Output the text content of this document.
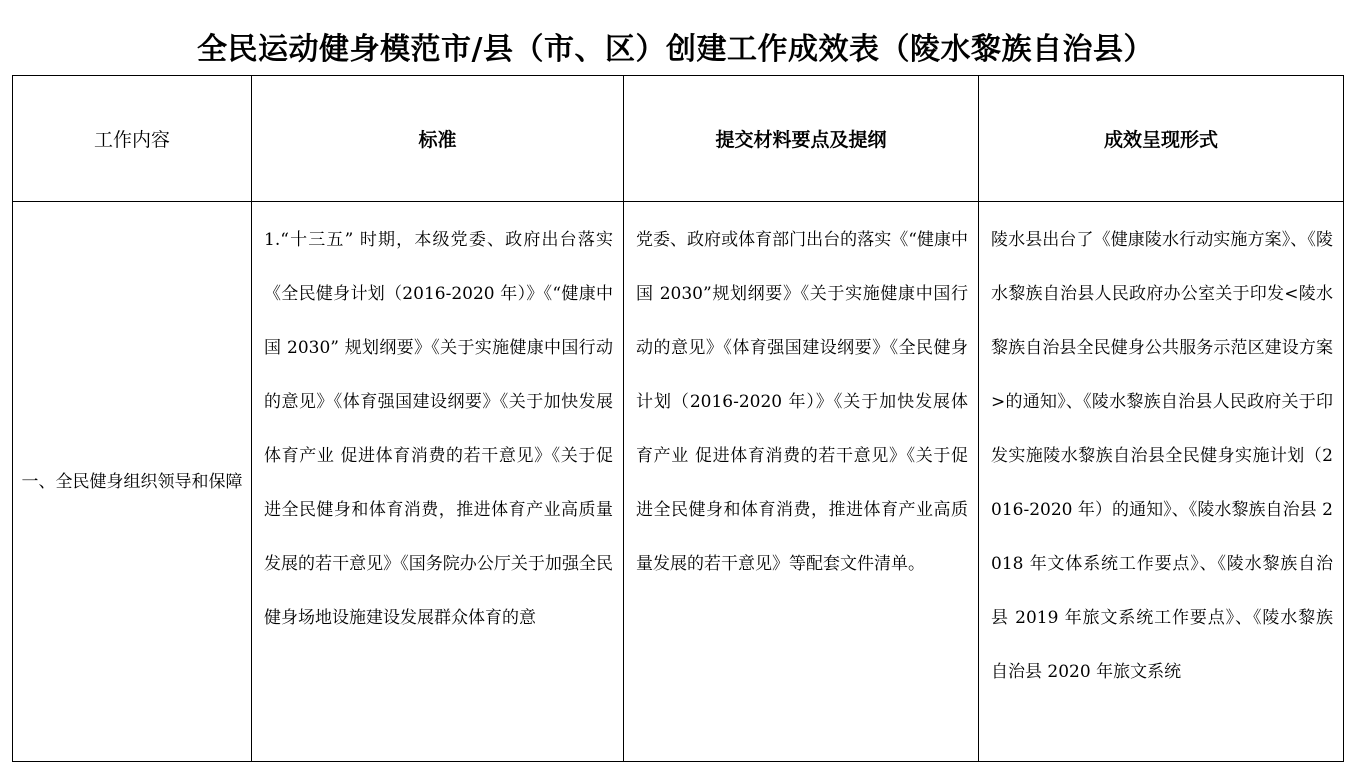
全民运动健身模范市/县（市、区）创建工作成效表（陵水黎族自治县）
工作内容	标准	提交材料要点及提纲	成效呈现形式
一、全民健身组织领导和保障	1.“十三五” 时期，本级党委、政府出台落实《全民健身计划（2016-2020 年）》《“健康中国 2030” 规划纲要》《关于实施健康中国行动的意见》《体育强国建设纲要》《关于加快发展体育产业 促进体育消费的若干意见》《关于促进全民健身和体育消费，推进体育产业高质量发展的若干意见》《国务院办公厅关于加强全民健身场地设施建设发展群众体育的意	党委、政府或体育部门出台的落实《“健康中国 2030”规划纲要》《关于实施健康中国行动的意见》《体育强国建设纲要》《全民健身计划（2016-2020 年）》《关于加快发展体育产业 促进体育消费的若干意见》《关于促进全民健身和体育消费，推进体育产业高质量发展的若干意见》等配套文件清单。	陵水县出台了《健康陵水行动实施方案》、《陵水黎族自治县人民政府办公室关于印发<陵水黎族自治县全民健身公共服务示范区建设方案>的通知》、《陵水黎族自治县人民政府关于印发实施陵水黎族自治县全民健身实施计划（2016-2020 年）的通知》、《陵水黎族自治县 2018 年文体系统工作要点》、《陵水黎族自治县 2019 年旅文系统工作要点》、《陵水黎族自治县 2020 年旅文系统
